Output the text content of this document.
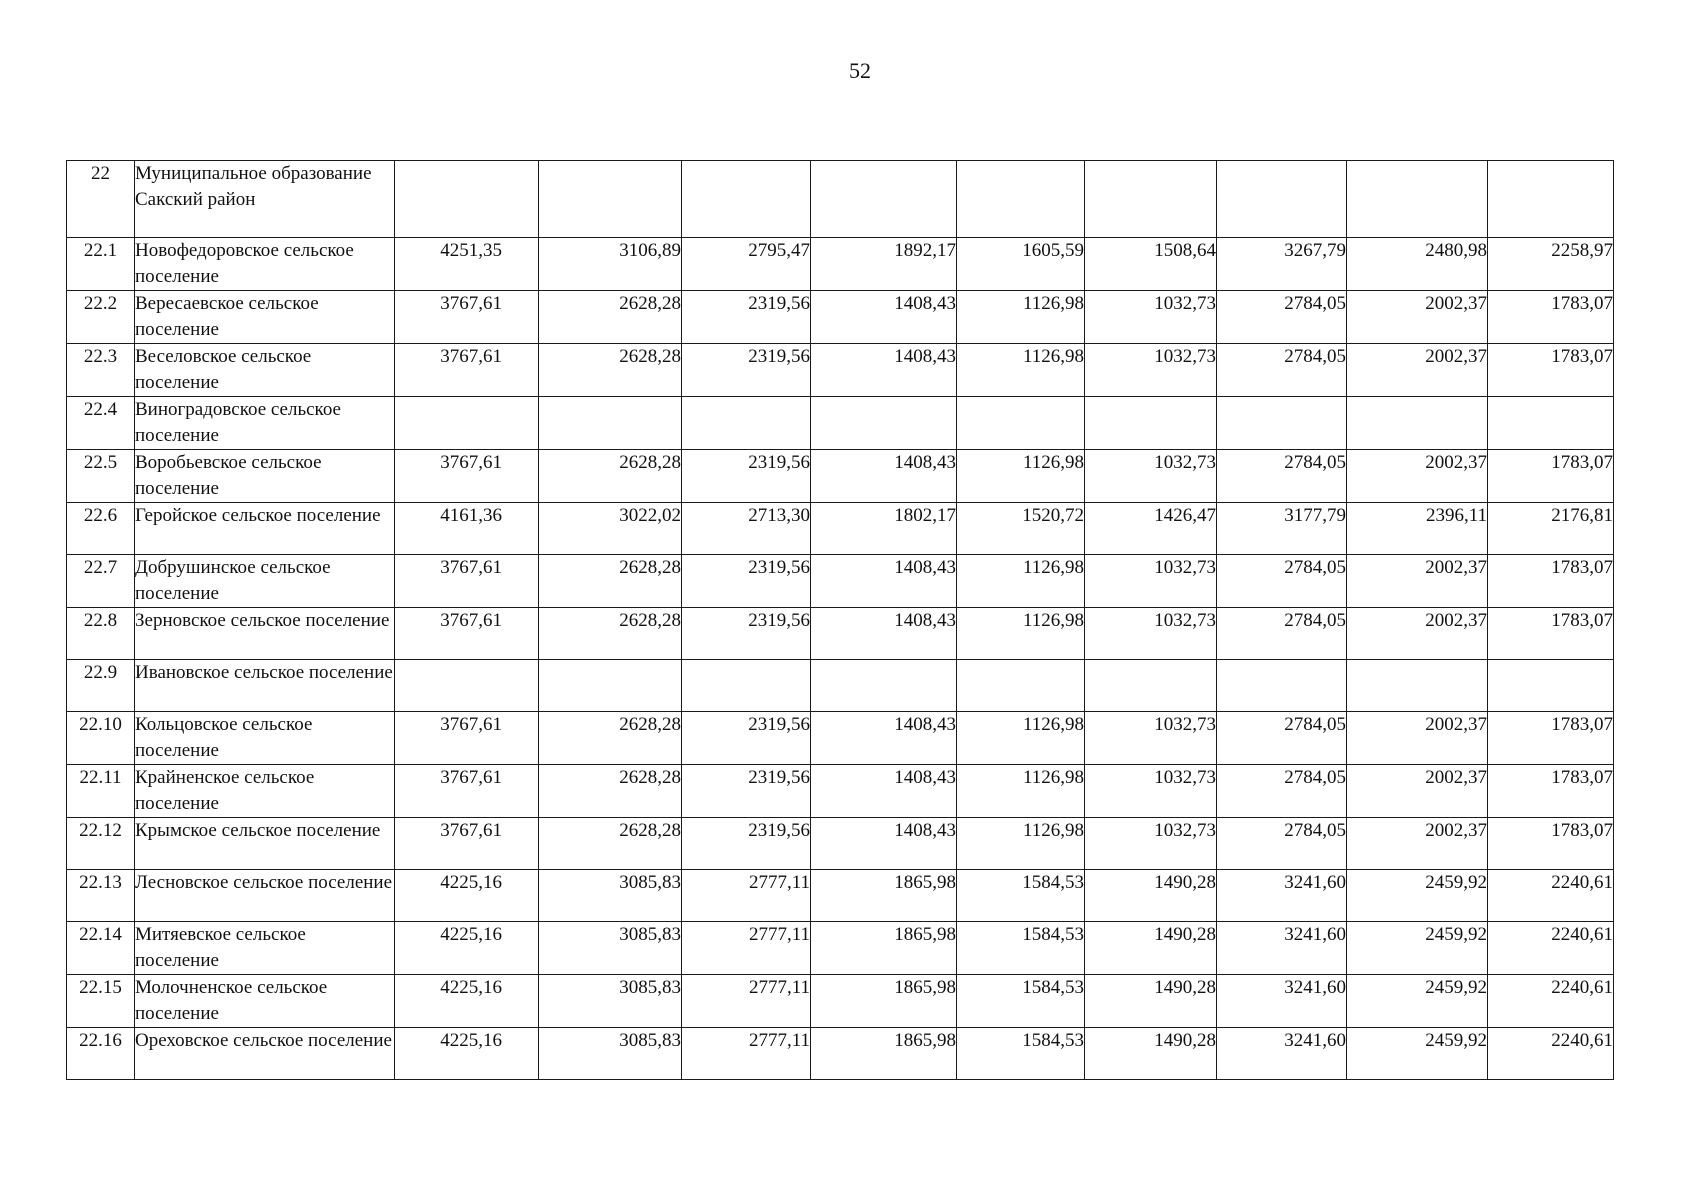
52
22	Муниципальное образование Сакский район									
22.1	Новофедоровское сельское поселение	4251,35	3106,89	2795,47	1892,17	1605,59	1508,64	3267,79	2480,98	2258,97
22.2	Вересаевское сельское поселение	3767,61	2628,28	2319,56	1408,43	1126,98	1032,73	2784,05	2002,37	1783,07
22.3	Веселовское сельское поселение	3767,61	2628,28	2319,56	1408,43	1126,98	1032,73	2784,05	2002,37	1783,07
22.4	Виноградовское сельское поселение									
22.5	Воробьевское сельское поселение	3767,61	2628,28	2319,56	1408,43	1126,98	1032,73	2784,05	2002,37	1783,07
22.6	Геройское сельское поселение	4161,36	3022,02	2713,30	1802,17	1520,72	1426,47	3177,79	2396,11	2176,81
22.7	Добрушинское сельское поселение	3767,61	2628,28	2319,56	1408,43	1126,98	1032,73	2784,05	2002,37	1783,07
22.8	Зерновское сельское поселение	3767,61	2628,28	2319,56	1408,43	1126,98	1032,73	2784,05	2002,37	1783,07
22.9	Ивановское сельское поселение									
22.10	Кольцовское сельское поселение	3767,61	2628,28	2319,56	1408,43	1126,98	1032,73	2784,05	2002,37	1783,07
22.11	Крайненское сельское поселение	3767,61	2628,28	2319,56	1408,43	1126,98	1032,73	2784,05	2002,37	1783,07
22.12	Крымское сельское поселение	3767,61	2628,28	2319,56	1408,43	1126,98	1032,73	2784,05	2002,37	1783,07
22.13	Лесновское сельское поселение	4225,16	3085,83	2777,11	1865,98	1584,53	1490,28	3241,60	2459,92	2240,61
22.14	Митяевское сельское поселение	4225,16	3085,83	2777,11	1865,98	1584,53	1490,28	3241,60	2459,92	2240,61
22.15	Молочненское сельское поселение	4225,16	3085,83	2777,11	1865,98	1584,53	1490,28	3241,60	2459,92	2240,61
22.16	Ореховское сельское поселение	4225,16	3085,83	2777,11	1865,98	1584,53	1490,28	3241,60	2459,92	2240,61
